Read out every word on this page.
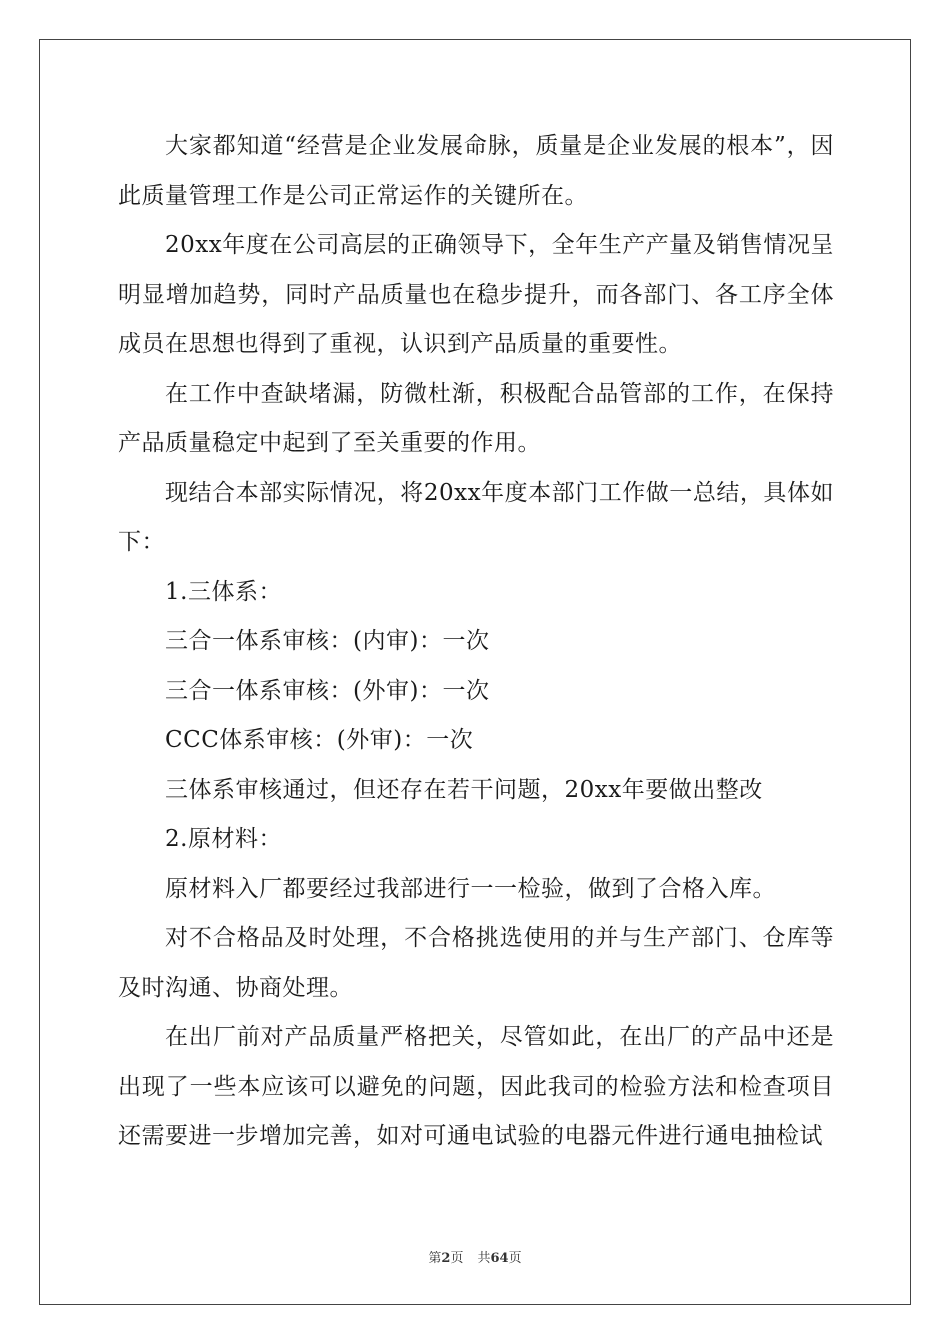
大家都知道“经营是企业发展命脉，质量是企业发展的根本”，因此质量管理工作是公司正常运作的关键所在。

20xx年度在公司高层的正确领导下，全年生产产量及销售情况呈明显增加趋势，同时产品质量也在稳步提升，而各部门、各工序全体成员在思想也得到了重视，认识到产品质量的重要性。

在工作中查缺堵漏，防微杜渐，积极配合品管部的工作，在保持产品质量稳定中起到了至关重要的作用。

现结合本部实际情况，将20xx年度本部门工作做一总结，具体如下：

1.三体系：

三合一体系审核：(内审)：一次

三合一体系审核：(外审)：一次

CCC体系审核：(外审)：一次

三体系审核通过，但还存在若干问题，20xx年要做出整改

2.原材料：

原材料入厂都要经过我部进行一一检验，做到了合格入库。

对不合格品及时处理，不合格挑选使用的并与生产部门、仓库等及时沟通、协商处理。

在出厂前对产品质量严格把关，尽管如此，在出厂的产品中还是出现了一些本应该可以避免的问题，因此我司的检验方法和检查项目还需要进一步增加完善，如对可通电试验的电器元件进行通电抽检试

第2页 共64页
